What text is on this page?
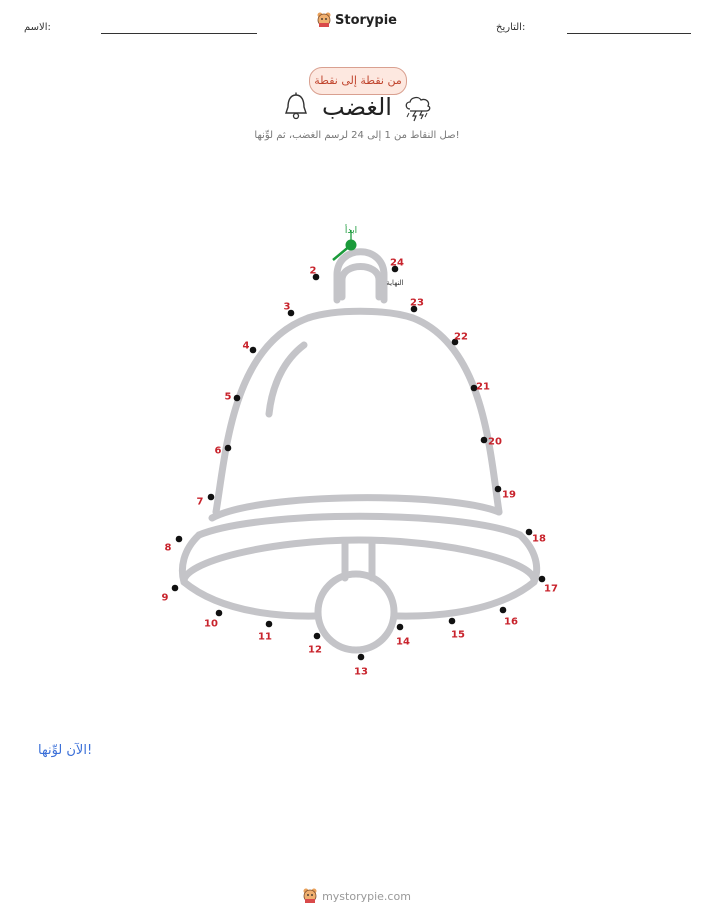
الاسم:	التاريخ:
Storypie
من نقطة إلى نقطة
الغضب
صل النقاط من 1 إلى 24 لرسم الغضب، ثم لوِّنها!
ابدأ
النهاية
2
3
4
5
6
7
8
9
10
11
12
13
14
15
16
17
18
19
20
21
22
23
24
الآن لوِّنها!
mystorypie.com
